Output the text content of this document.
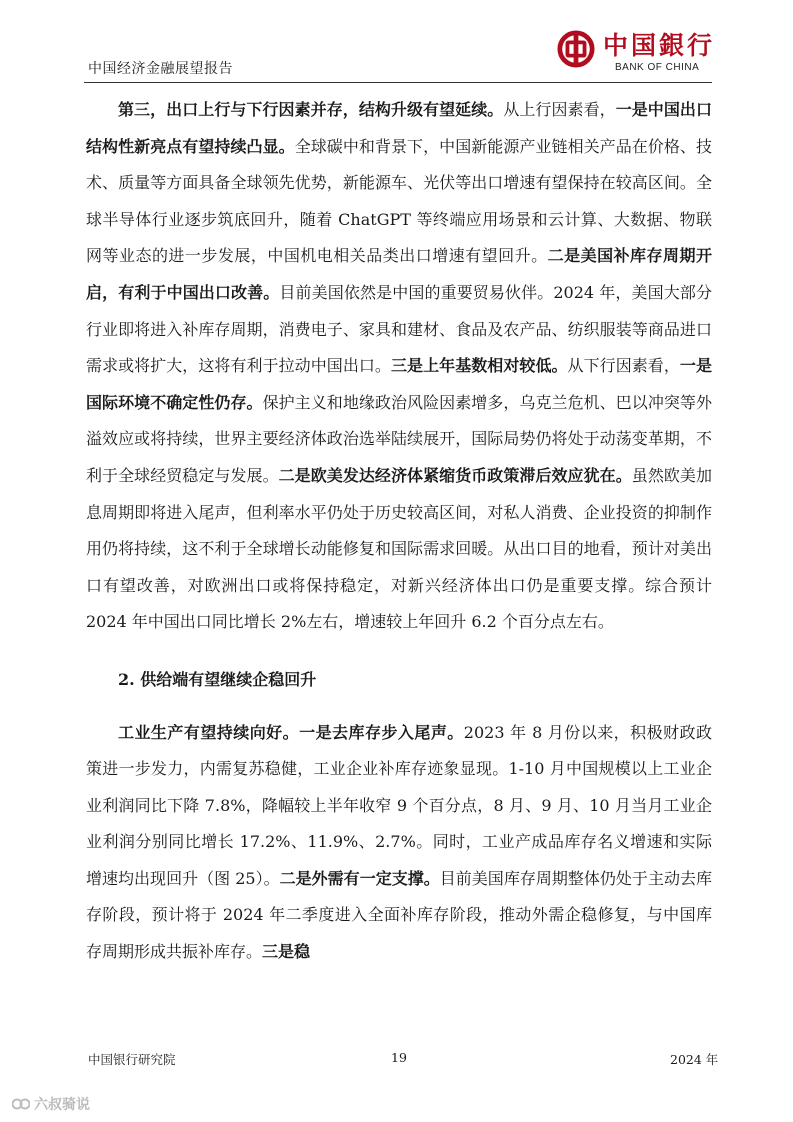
中国经济金融展望报告
中国銀行
BANK OF CHINA

第三，出口上行与下行因素并存，结构升级有望延续。从上行因素看，一是中国出口结构性新亮点有望持续凸显。全球碳中和背景下，中国新能源产业链相关产品在价格、技术、质量等方面具备全球领先优势，新能源车、光伏等出口增速有望保持在较高区间。全球半导体行业逐步筑底回升，随着 ChatGPT 等终端应用场景和云计算、大数据、物联网等业态的进一步发展，中国机电相关品类出口增速有望回升。二是美国补库存周期开启，有利于中国出口改善。目前美国依然是中国的重要贸易伙伴。2024 年，美国大部分行业即将进入补库存周期，消费电子、家具和建材、食品及农产品、纺织服装等商品进口需求或将扩大，这将有利于拉动中国出口。三是上年基数相对较低。从下行因素看，一是国际环境不确定性仍存。保护主义和地缘政治风险因素增多，乌克兰危机、巴以冲突等外溢效应或将持续，世界主要经济体政治选举陆续展开，国际局势仍将处于动荡变革期，不利于全球经贸稳定与发展。二是欧美发达经济体紧缩货币政策滞后效应犹在。虽然欧美加息周期即将进入尾声，但利率水平仍处于历史较高区间，对私人消费、企业投资的抑制作用仍将持续，这不利于全球增长动能修复和国际需求回暖。从出口目的地看，预计对美出口有望改善，对欧洲出口或将保持稳定，对新兴经济体出口仍是重要支撑。综合预计 2024 年中国出口同比增长 2%左右，增速较上年回升 6.2 个百分点左右。

2. 供给端有望继续企稳回升

工业生产有望持续向好。一是去库存步入尾声。2023 年 8 月份以来，积极财政政策进一步发力，内需复苏稳健，工业企业补库存迹象显现。1-10 月中国规模以上工业企业利润同比下降 7.8%，降幅较上半年收窄 9 个百分点，8 月、9 月、10 月当月工业企业利润分别同比增长 17.2%、11.9%、2.7%。同时，工业产成品库存名义增速和实际增速均出现回升（图 25）。二是外需有一定支撑。目前美国库存周期整体仍处于主动去库存阶段，预计将于 2024 年二季度进入全面补库存阶段，推动外需企稳修复，与中国库存周期形成共振补库存。三是稳

中国银行研究院	19	2024 年
六叔骑说
